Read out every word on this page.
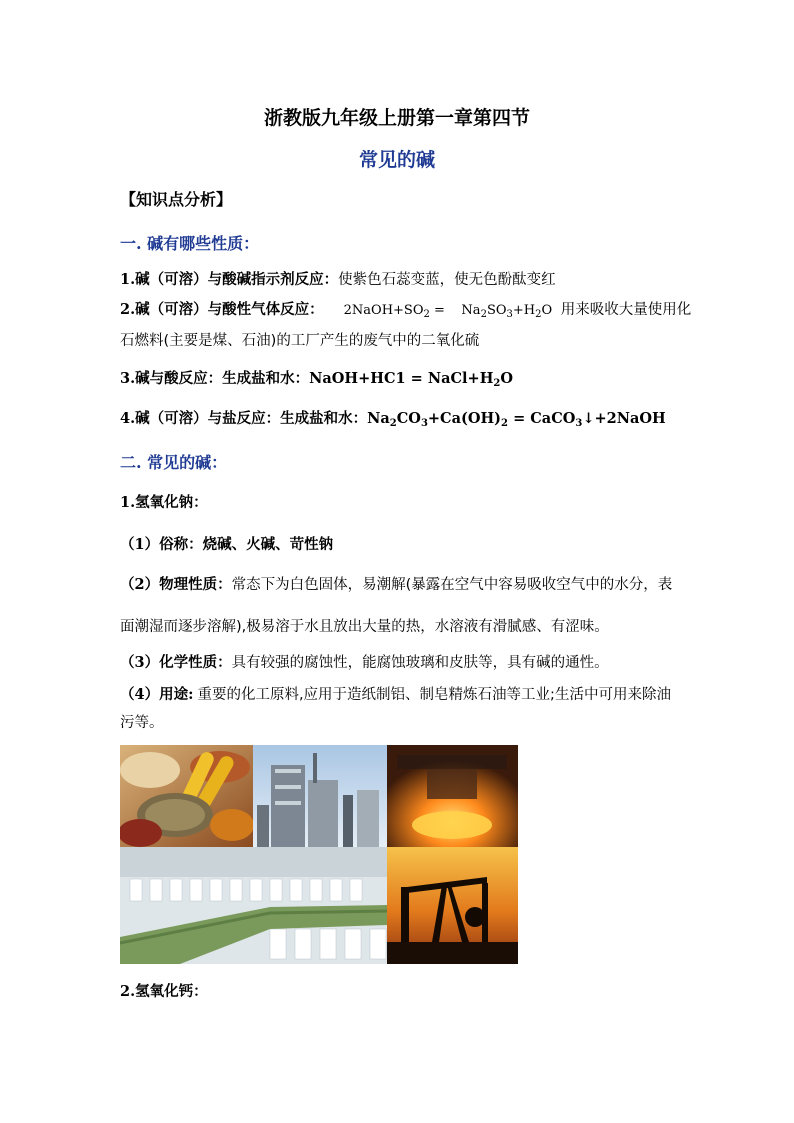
浙教版九年级上册第一章第四节
常见的碱
【知识点分析】
一. 碱有哪些性质：
1.碱（可溶）与酸碱指示剂反应：使紫色石蕊变蓝，使无色酚酞变红
2.碱（可溶）与酸性气体反应： $2NaOH+SO_2$ =    $Na_2SO_3+H_2O$ 用来吸收大量使用化
石燃料(主要是煤、石油)的工厂产生的废气中的二氧化硫
3.碱与酸反应：生成盐和水：NaOH+HC1 = $NaCl+H_2O$
4.碱（可溶）与盐反应：生成盐和水：$Na_2CO_3+Ca(OH)_2$ = CaCO$_3$↓+2NaOH
二. 常见的碱：
1.氢氧化钠：
（1）俗称：烧碱、火碱、苛性钠
（2）物理性质：常态下为白色固体，易潮解(暴露在空气中容易吸收空气中的水分，表
面潮湿而逐步溶解),极易溶于水且放出大量的热，水溶液有滑腻感、有涩味。
（3）化学性质：具有较强的腐蚀性，能腐蚀玻璃和皮肤等，具有碱的通性。
（4）用途: 重要的化工原料,应用于造纸制铝、制皂精炼石油等工业;生活中可用来除油
污等。
2.氢氧化钙：
